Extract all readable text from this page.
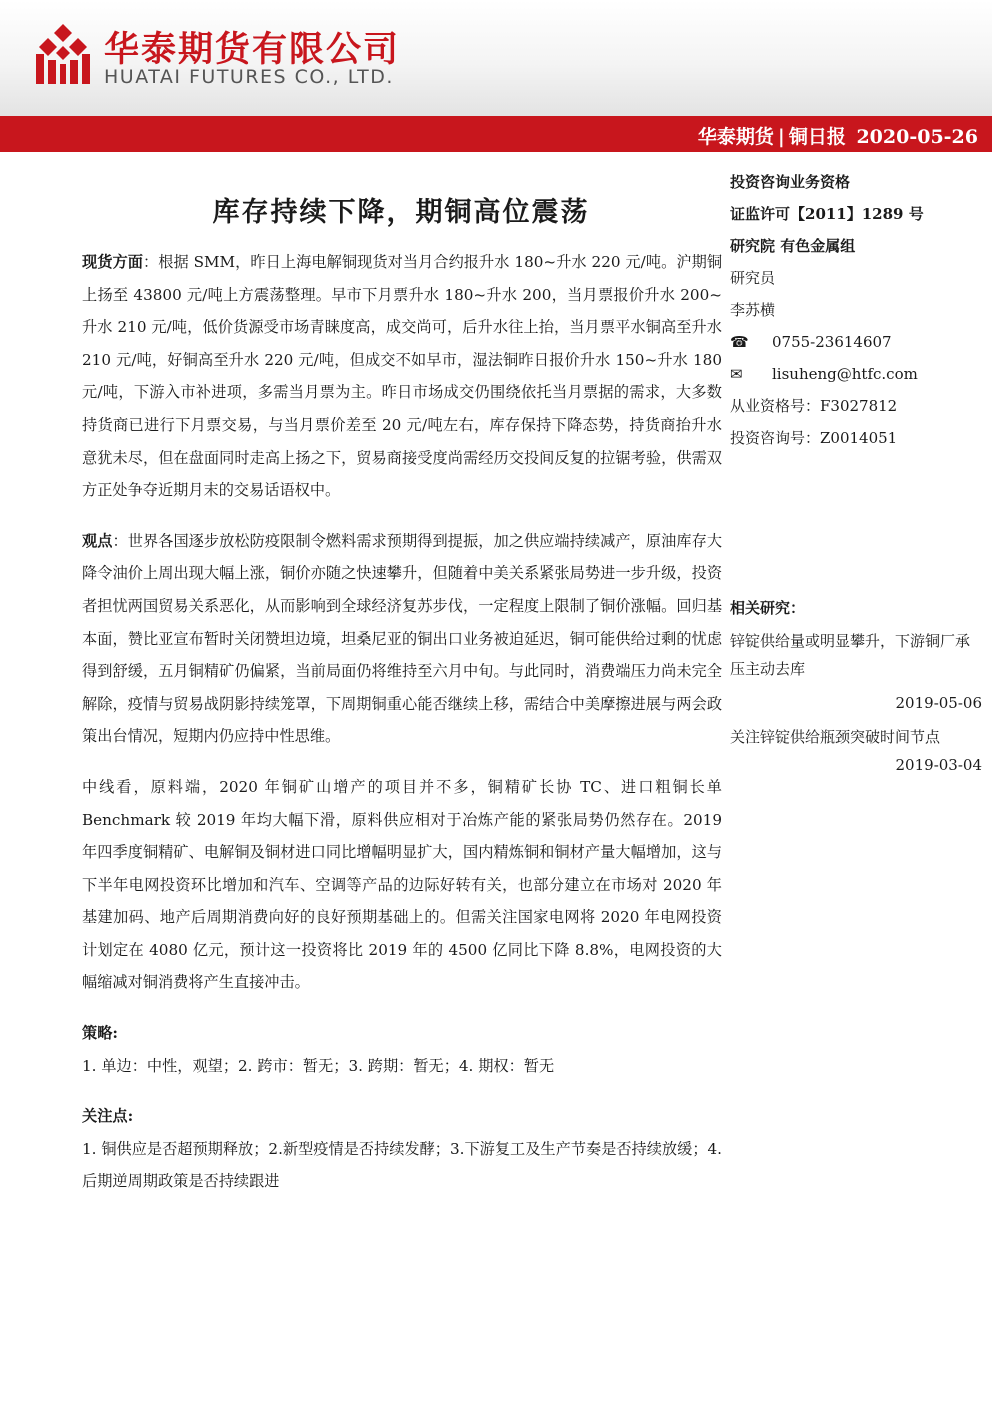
华泰期货有限公司
HUATAI FUTURES CO., LTD.
华泰期货 | 铜日报 2020-05-26
库存持续下降，期铜高位震荡

现货方面：根据 SMM，昨日上海电解铜现货对当月合约报升水 180~升水 220 元/吨。沪期铜上扬至 43800 元/吨上方震荡整理。早市下月票升水 180~升水 200，当月票报价升水 200~升水 210 元/吨，低价货源受市场青睐度高，成交尚可，后升水往上抬，当月票平水铜高至升水 210 元/吨，好铜高至升水 220 元/吨，但成交不如早市，湿法铜昨日报价升水 150~升水 180 元/吨，下游入市补进项，多需当月票为主。昨日市场成交仍围绕依托当月票据的需求，大多数持货商已进行下月票交易，与当月票价差至 20 元/吨左右，库存保持下降态势，持货商抬升水意犹未尽，但在盘面同时走高上扬之下，贸易商接受度尚需经历交投间反复的拉锯考验，供需双方正处争夺近期月末的交易话语权中。

观点：世界各国逐步放松防疫限制令燃料需求预期得到提振，加之供应端持续减产，原油库存大降令油价上周出现大幅上涨，铜价亦随之快速攀升，但随着中美关系紧张局势进一步升级，投资者担忧两国贸易关系恶化，从而影响到全球经济复苏步伐，一定程度上限制了铜价涨幅。回归基本面，赞比亚宣布暂时关闭赞坦边境，坦桑尼亚的铜出口业务被迫延迟，铜可能供给过剩的忧虑得到舒缓，五月铜精矿仍偏紧，当前局面仍将维持至六月中旬。与此同时，消费端压力尚未完全解除，疫情与贸易战阴影持续笼罩，下周期铜重心能否继续上移，需结合中美摩擦进展与两会政策出台情况，短期内仍应持中性思维。

中线看，原料端，2020 年铜矿山增产的项目并不多，铜精矿长协 TC、进口粗铜长单 Benchmark 较 2019 年均大幅下滑，原料供应相对于冶炼产能的紧张局势仍然存在。2019 年四季度铜精矿、电解铜及铜材进口同比增幅明显扩大，国内精炼铜和铜材产量大幅增加，这与下半年电网投资环比增加和汽车、空调等产品的边际好转有关，也部分建立在市场对 2020 年基建加码、地产后周期消费向好的良好预期基础上的。但需关注国家电网将 2020 年电网投资计划定在 4080 亿元，预计这一投资将比 2019 年的 4500 亿同比下降 8.8%，电网投资的大幅缩减对铜消费将产生直接冲击。

策略:

1. 单边：中性，观望；2. 跨市：暂无；3. 跨期：暂无；4. 期权：暂无

关注点:

1. 铜供应是否超预期释放；2.新型疫情是否持续发酵；3.下游复工及生产节奏是否持续放缓；4. 后期逆周期政策是否持续跟进

投资咨询业务资格
证监许可【2011】1289 号
研究院 有色金属组
研究员
李苏横
☎	0755-23614607
✉	lisuheng@htfc.com
从业资格号：F3027812
投资咨询号：Z0014051
相关研究：
锌锭供给量或明显攀升，下游铜厂承压主动去库
2019-05-06
关注锌锭供给瓶颈突破时间节点
2019-03-04
